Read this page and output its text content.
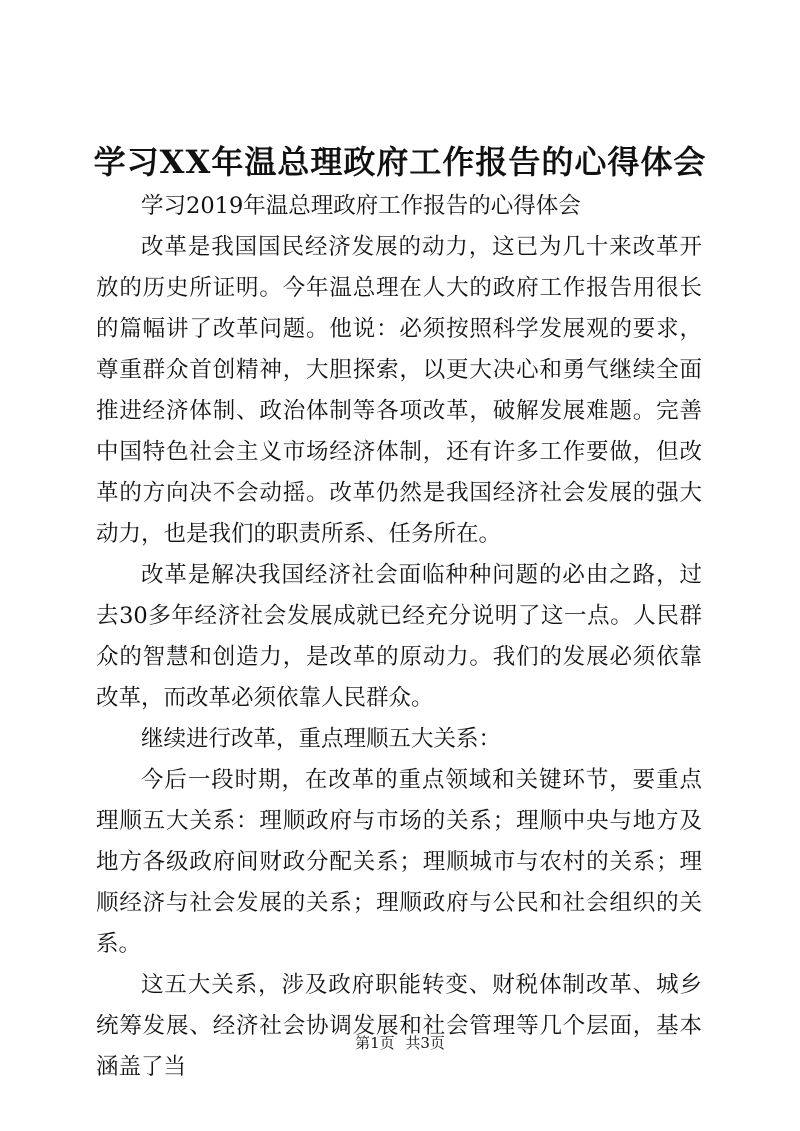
学习XX年温总理政府工作报告的心得体会

学习2019年温总理政府工作报告的心得体会

改革是我国国民经济发展的动力，这已为几十来改革开放的历史所证明。今年温总理在人大的政府工作报告用很长的篇幅讲了改革问题。他说：必须按照科学发展观的要求，尊重群众首创精神，大胆探索，以更大决心和勇气继续全面推进经济体制、政治体制等各项改革，破解发展难题。完善中国特色社会主义市场经济体制，还有许多工作要做，但改革的方向决不会动摇。改革仍然是我国经济社会发展的强大动力，也是我们的职责所系、任务所在。

改革是解决我国经济社会面临种种问题的必由之路，过去30多年经济社会发展成就已经充分说明了这一点。人民群众的智慧和创造力，是改革的原动力。我们的发展必须依靠改革，而改革必须依靠人民群众。

继续进行改革，重点理顺五大关系：

今后一段时期，在改革的重点领域和关键环节，要重点理顺五大关系：理顺政府与市场的关系；理顺中央与地方及地方各级政府间财政分配关系；理顺城市与农村的关系；理顺经济与社会发展的关系；理顺政府与公民和社会组织的关系。

这五大关系，涉及政府职能转变、财税体制改革、城乡统筹发展、经济社会协调发展和社会管理等几个层面，基本涵盖了当

第1页 共3页
